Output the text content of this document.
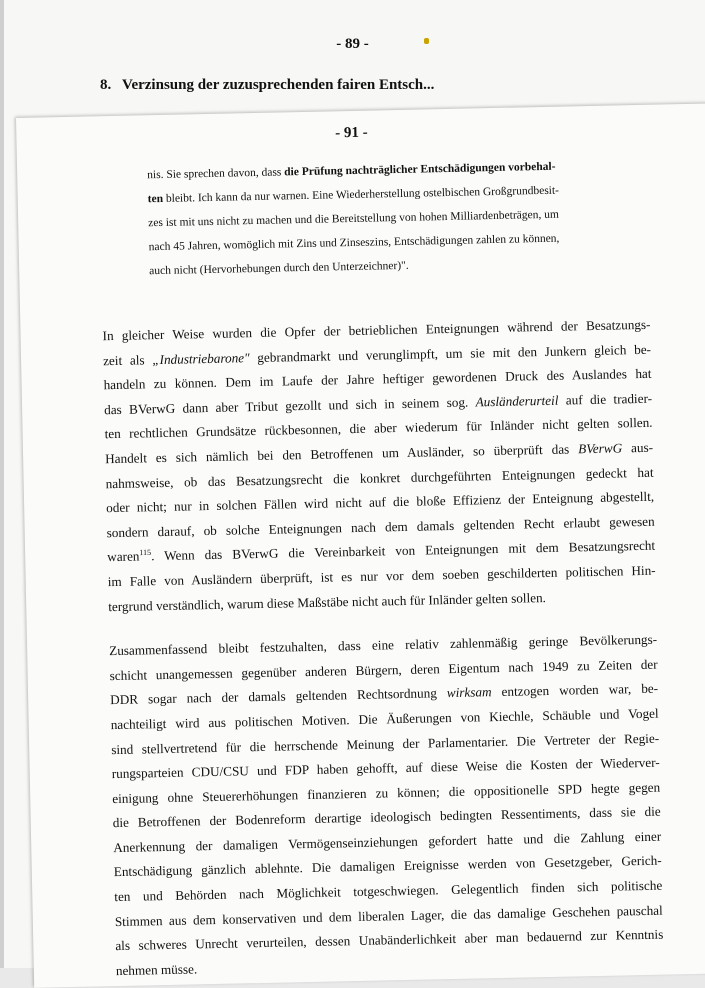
- 89 -
8. Verzinsung der zuzusprechenden fairen Entsch...
- 91 -
nis. Sie sprechen davon, dass die Prüfung nachträglicher Entschädigungen vorbehal-
ten bleibt. Ich kann da nur warnen. Eine Wiederherstellung ostelbischen Großgrundbesit-
zes ist mit uns nicht zu machen und die Bereitstellung von hohen Milliardenbeträgen, um
nach 45 Jahren, womöglich mit Zins und Zinseszins, Entschädigungen zahlen zu können,
auch nicht (Hervorhebungen durch den Unterzeichner)".
In gleicher Weise wurden die Opfer der betrieblichen Enteignungen während der Besatzungs-
zeit als „Industriebarone" gebrandmarkt und verunglimpft, um sie mit den Junkern gleich be-
handeln zu können. Dem im Laufe der Jahre heftiger gewordenen Druck des Auslandes hat
das BVerwG dann aber Tribut gezollt und sich in seinem sog. Ausländerurteil auf die tradier-
ten rechtlichen Grundsätze rückbesonnen, die aber wiederum für Inländer nicht gelten sollen.
Handelt es sich nämlich bei den Betroffenen um Ausländer, so überprüft das BVerwG aus-
nahmsweise, ob das Besatzungsrecht die konkret durchgeführten Enteignungen gedeckt hat
oder nicht; nur in solchen Fällen wird nicht auf die bloße Effizienz der Enteignung abgestellt,
sondern darauf, ob solche Enteignungen nach dem damals geltenden Recht erlaubt gewesen
waren$^{115}$. Wenn das BVerwG die Vereinbarkeit von Enteignungen mit dem Besatzungsrecht
im Falle von Ausländern überprüft, ist es nur vor dem soeben geschilderten politischen Hin-
tergrund verständlich, warum diese Maßstäbe nicht auch für Inländer gelten sollen.
Zusammenfassend bleibt festzuhalten, dass eine relativ zahlenmäßig geringe Bevölkerungs-
schicht unangemessen gegenüber anderen Bürgern, deren Eigentum nach 1949 zu Zeiten der
DDR sogar nach der damals geltenden Rechtsordnung wirksam entzogen worden war, be-
nachteiligt wird aus politischen Motiven. Die Äußerungen von Kiechle, Schäuble und Vogel
sind stellvertretend für die herrschende Meinung der Parlamentarier. Die Vertreter der Regie-
rungsparteien CDU/CSU und FDP haben gehofft, auf diese Weise die Kosten der Wiederver-
einigung ohne Steuererhöhungen finanzieren zu können; die oppositionelle SPD hegte gegen
die Betroffenen der Bodenreform derartige ideologisch bedingten Ressentiments, dass sie die
Anerkennung der damaligen Vermögenseinziehungen gefordert hatte und die Zahlung einer
Entschädigung gänzlich ablehnte. Die damaligen Ereignisse werden von Gesetzgeber, Gerich-
ten und Behörden nach Möglichkeit totgeschwiegen. Gelegentlich finden sich politische
Stimmen aus dem konservativen und dem liberalen Lager, die das damalige Geschehen pauschal
als schweres Unrecht verurteilen, dessen Unabänderlichkeit aber man bedauernd zur Kenntnis
nehmen müsse.
